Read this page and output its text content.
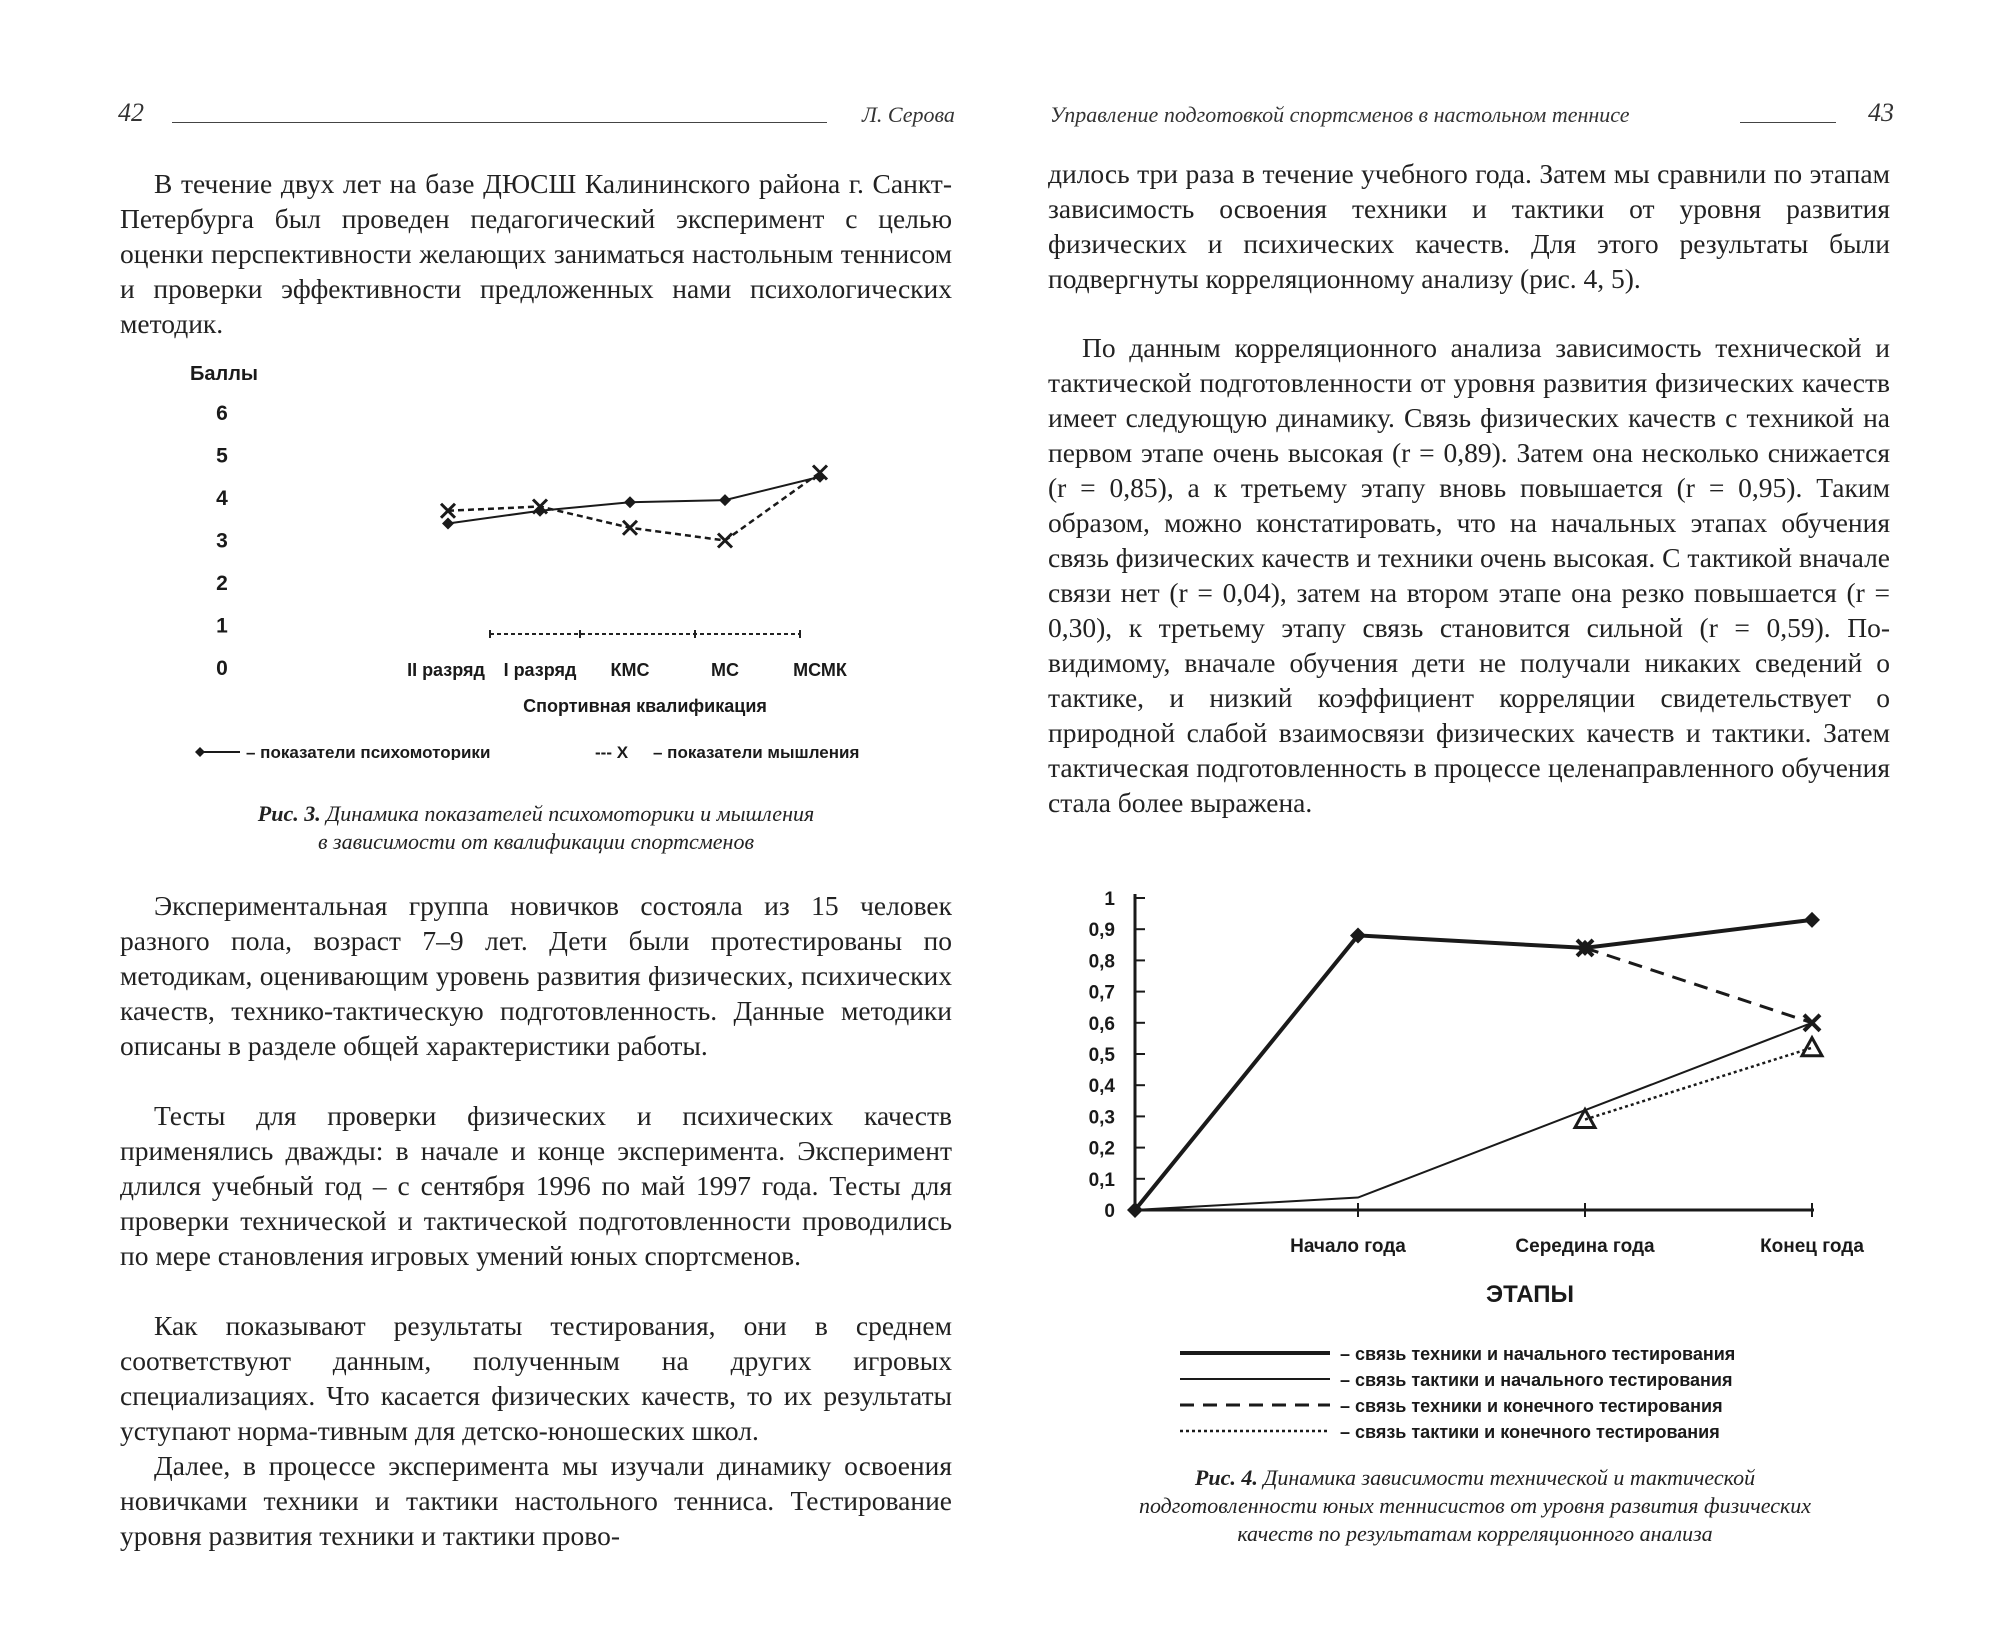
42	Л. Серова

В течение двух лет на базе ДЮСШ Калининского района г. Санкт-Петербурга был проведен педагогический эксперимент с целью оценки перспективности желающих заниматься настольным теннисом и проверки эффективности предложенных нами психологических методик.

Баллы
0
1
2
3
4
5
6
II разряд I разряд КМС	МС	МСМК
Спортивная квалификация
– показатели психомоторики	--- X – показатели мышления

Рис. 3. Динамика показателей психомоторики и мышления
в зависимости от квалификации спортсменов

Экспериментальная группа новичков состояла из 15 человек разного пола, возраст 7–9 лет. Дети были протестированы по методикам, оценивающим уровень развития физических, психических качеств, технико-тактическую подготовленность. Данные методики описаны в разделе общей характеристики работы.

Тесты для проверки физических и психических качеств применялись дважды: в начале и конце эксперимента. Эксперимент длился учебный год – с сентября 1996 по май 1997 года. Тесты для проверки технической и тактической подготовленности проводились по мере становления игровых умений юных спортсменов.

Как показывают результаты тестирования, они в среднем соответствуют данным, полученным на других игровых специализациях. Что касается физических качеств, то их результаты уступают норма-тивным для детско-юношеских школ.

Далее, в процессе эксперимента мы изучали динамику освоения новичками техники и тактики настольного тенниса. Тестирование уровня развития техники и тактики прово-

Управление подготовкой спортсменов в настольном теннисе	43

дилось три раза в течение учебного года. Затем мы сравнили по этапам зависимость освоения техники и тактики от уровня развития физических и психических качеств. Для этого результаты были подвергнуты корреляционному анализу (рис. 4, 5).

По данным корреляционного анализа зависимость технической и тактической подготовленности от уровня развития физических качеств имеет следующую динамику. Связь физических качеств с техникой на первом этапе очень высокая (r = 0,89). Затем она несколько снижается (r = 0,85), а к третьему этапу вновь повышается (r = 0,95). Таким образом, можно констатировать, что на начальных этапах обучения связь физических качеств и техники очень высокая. С тактикой вначале связи нет (r = 0,04), затем на втором этапе она резко повышается (r = 0,30), к третьему этапу связь становится сильной (r = 0,59). По-видимому, вначале обучения дети не получали никаких сведений о тактике, и низкий коэффициент корреляции свидетельствует о природной слабой взаимосвязи физических качеств и тактики. Затем тактическая подготовленность в процессе целенаправленного обучения стала более выражена.

0
0,1
0,2
0,3
0,4
0,5
0,6
0,7
0,8
0,9
1
Начало года	Середина года	Конец года
ЭТАПЫ
– связь техники и начального тестирования
– связь тактики и начального тестирования
– связь техники и конечного тестирования
– связь тактики и конечного тестирования

Рис. 4. Динамика зависимости технической и тактической
подготовленности юных теннисистов от уровня развития физических
качеств по результатам корреляционного анализа
